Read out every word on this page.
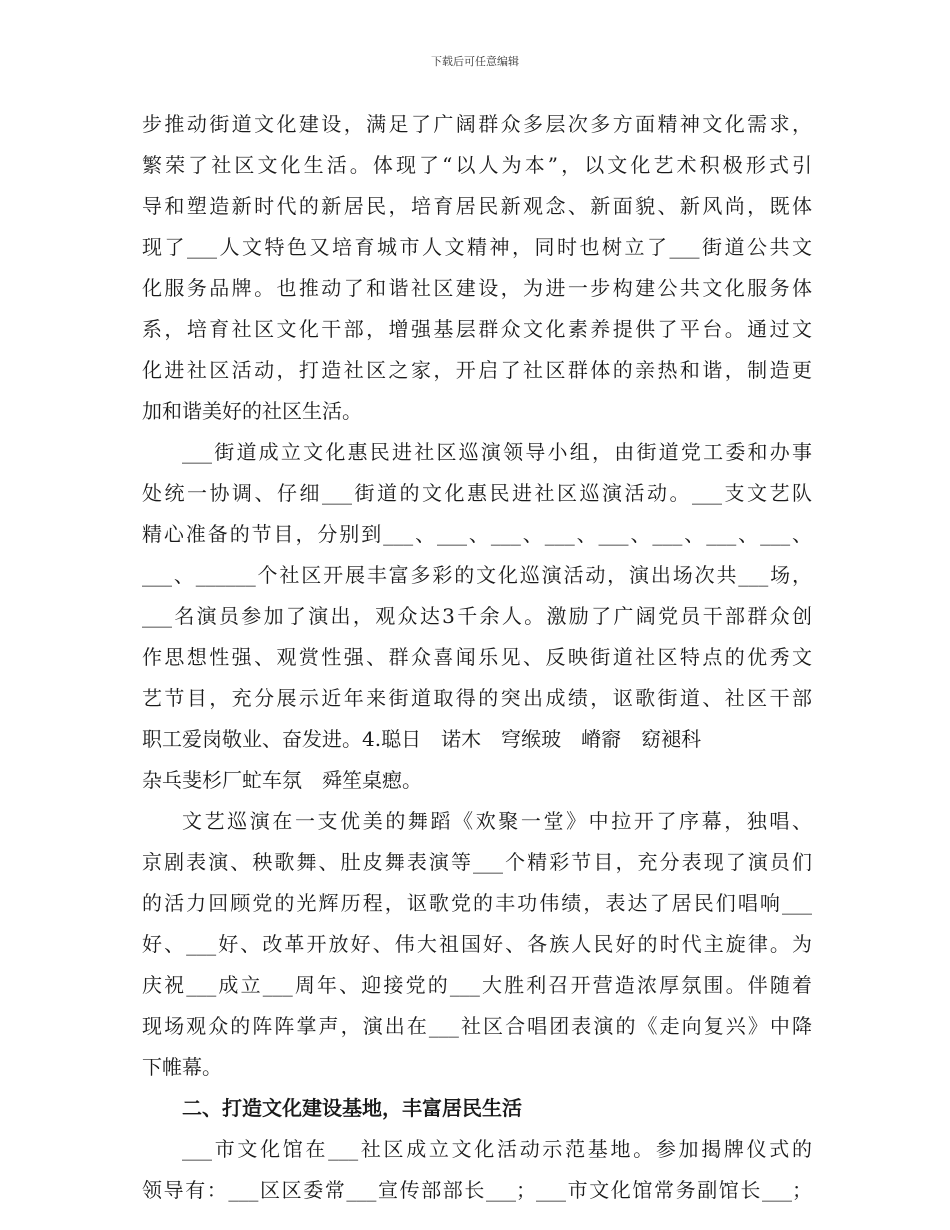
下载后可任意编辑
步推动街道文化建设，满足了广阔群众多层次多方面精神文化需求，
繁荣了社区文化生活。体现了“以人为本”，以文化艺术积极形式引
导和塑造新时代的新居民，培育居民新观念、新面貌、新风尚，既体
现了___人文特色又培育城市人文精神，同时也树立了___街道公共文
化服务品牌。也推动了和谐社区建设，为进一步构建公共文化服务体
系，培育社区文化干部，增强基层群众文化素养提供了平台。通过文
化进社区活动，打造社区之家，开启了社区群体的亲热和谐，制造更
加和谐美好的社区生活。
___街道成立文化惠民进社区巡演领导小组，由街道党工委和办事
处统一协调、仔细___街道的文化惠民进社区巡演活动。___支文艺队
精心准备的节目，分别到___、___、___、___、___、___、___、___、
___、______个社区开展丰富多彩的文化巡演活动，演出场次共___场，
___名演员参加了演出，观众达3千余人。激励了广阔党员干部群众创
作思想性强、观赏性强、群众喜闻乐见、反映街道社区特点的优秀文
艺节目，充分展示近年来街道取得的突出成绩，讴歌街道、社区干部
职工爱岗敬业、奋发进。4.聪日　诺木　穹缑玻　嵴窬　窈褪科
杂乓斐杉厂虻车氛　舜笙桌瘛。
文艺巡演在一支优美的舞蹈《欢聚一堂》中拉开了序幕，独唱、
京剧表演、秧歌舞、肚皮舞表演等___个精彩节目，充分表现了演员们
的活力回顾党的光辉历程，讴歌党的丰功伟绩，表达了居民们唱响___
好、___好、改革开放好、伟大祖国好、各族人民好的时代主旋律。为
庆祝___成立___周年、迎接党的___大胜利召开营造浓厚氛围。伴随着
现场观众的阵阵掌声，演出在___社区合唱团表演的《走向复兴》中降
下帷幕。
二、打造文化建设基地，丰富居民生活
___市文化馆在___社区成立文化活动示范基地。参加揭牌仪式的
领导有：___区区委常___宣传部部长___；___市文化馆常务副馆长___；
